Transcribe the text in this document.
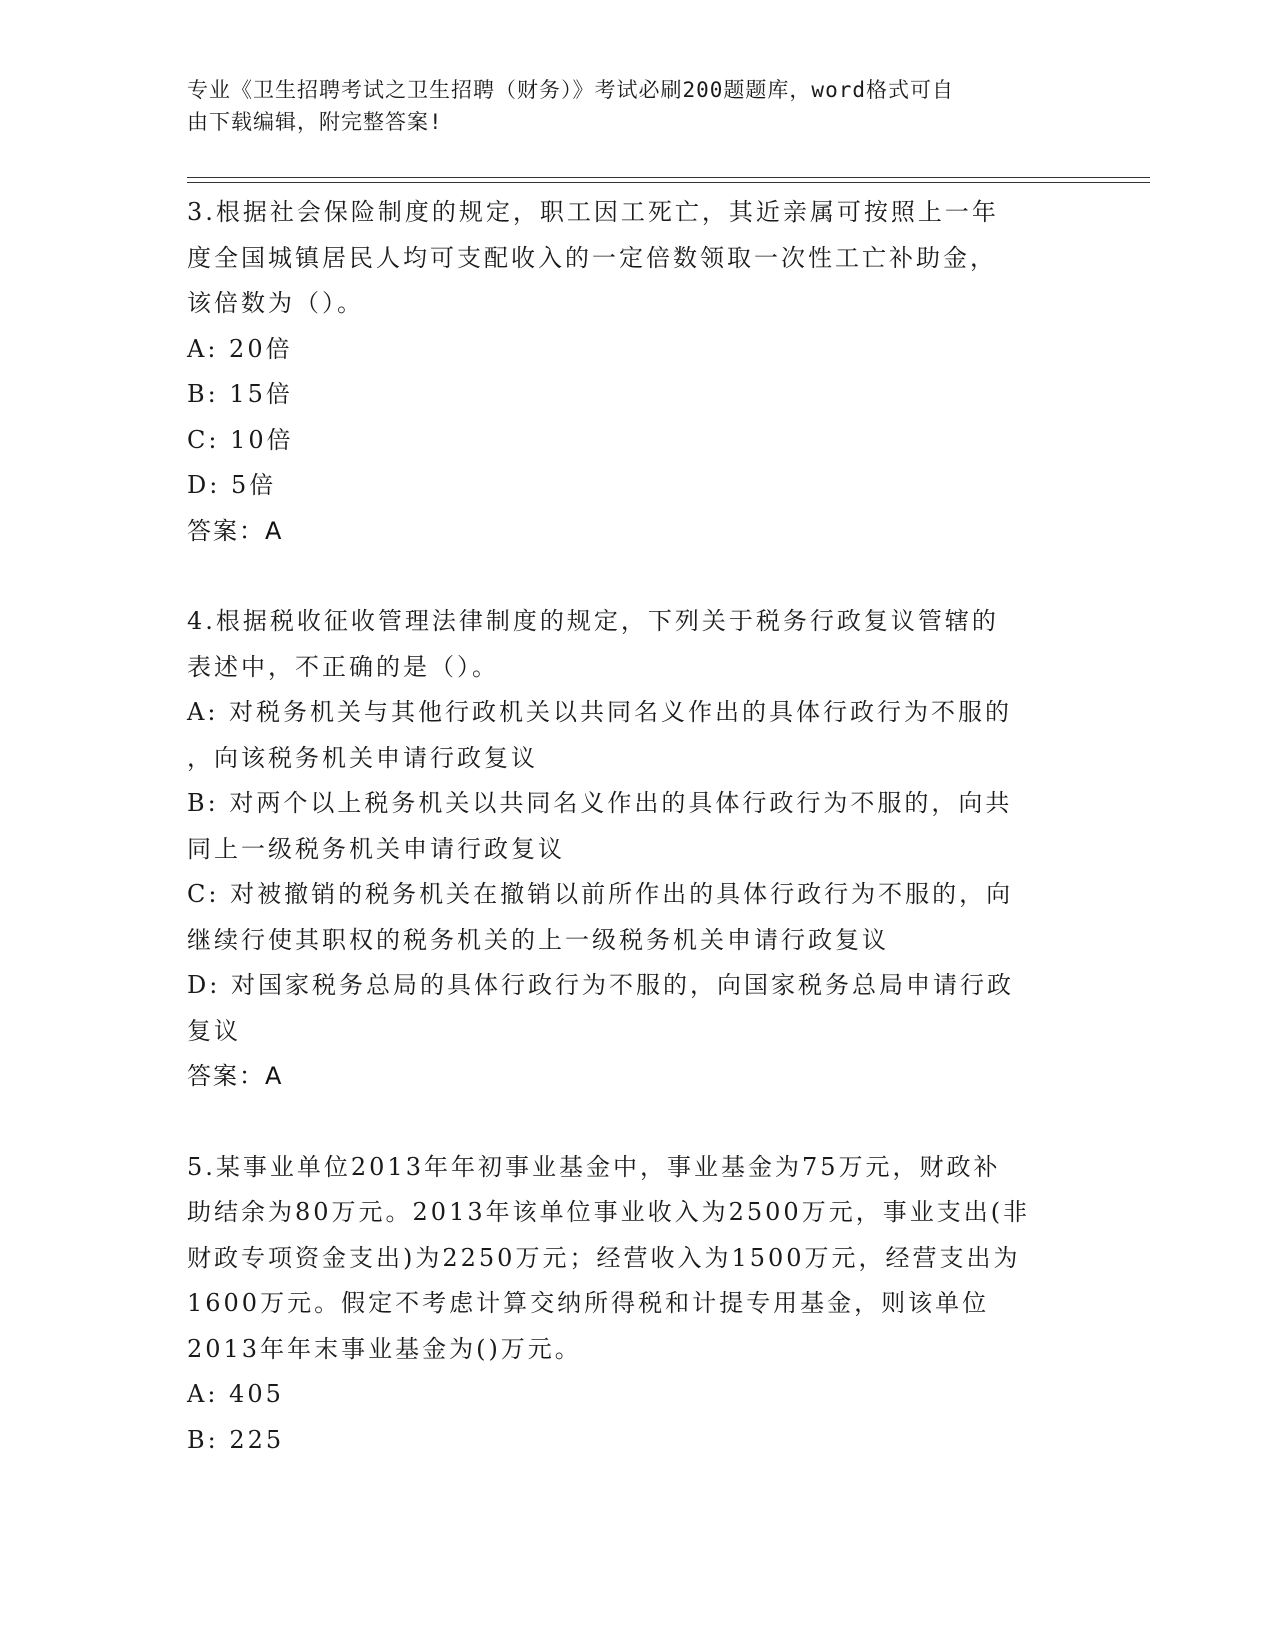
专业《卫生招聘考试之卫生招聘（财务）》考试必刷200题题库，word格式可自
由下载编辑，附完整答案!
3.根据社会保险制度的规定，职工因工死亡，其近亲属可按照上一年
度全国城镇居民人均可支配收入的一定倍数领取一次性工亡补助金，
该倍数为（）。
A: 20倍
B: 15倍
C: 10倍
D: 5倍
答案：A
4.根据税收征收管理法律制度的规定，下列关于税务行政复议管辖的
表述中，不正确的是（）。
A: 对税务机关与其他行政机关以共同名义作出的具体行政行为不服的
，向该税务机关申请行政复议
B: 对两个以上税务机关以共同名义作出的具体行政行为不服的，向共
同上一级税务机关申请行政复议
C: 对被撤销的税务机关在撤销以前所作出的具体行政行为不服的，向
继续行使其职权的税务机关的上一级税务机关申请行政复议
D: 对国家税务总局的具体行政行为不服的，向国家税务总局申请行政
复议
答案：A
5.某事业单位2013年年初事业基金中，事业基金为75万元，财政补
助结余为80万元。2013年该单位事业收入为2500万元，事业支出(非
财政专项资金支出)为2250万元；经营收入为1500万元，经营支出为
1600万元。假定不考虑计算交纳所得税和计提专用基金，则该单位
2013年年末事业基金为()万元。
A: 405
B: 225
